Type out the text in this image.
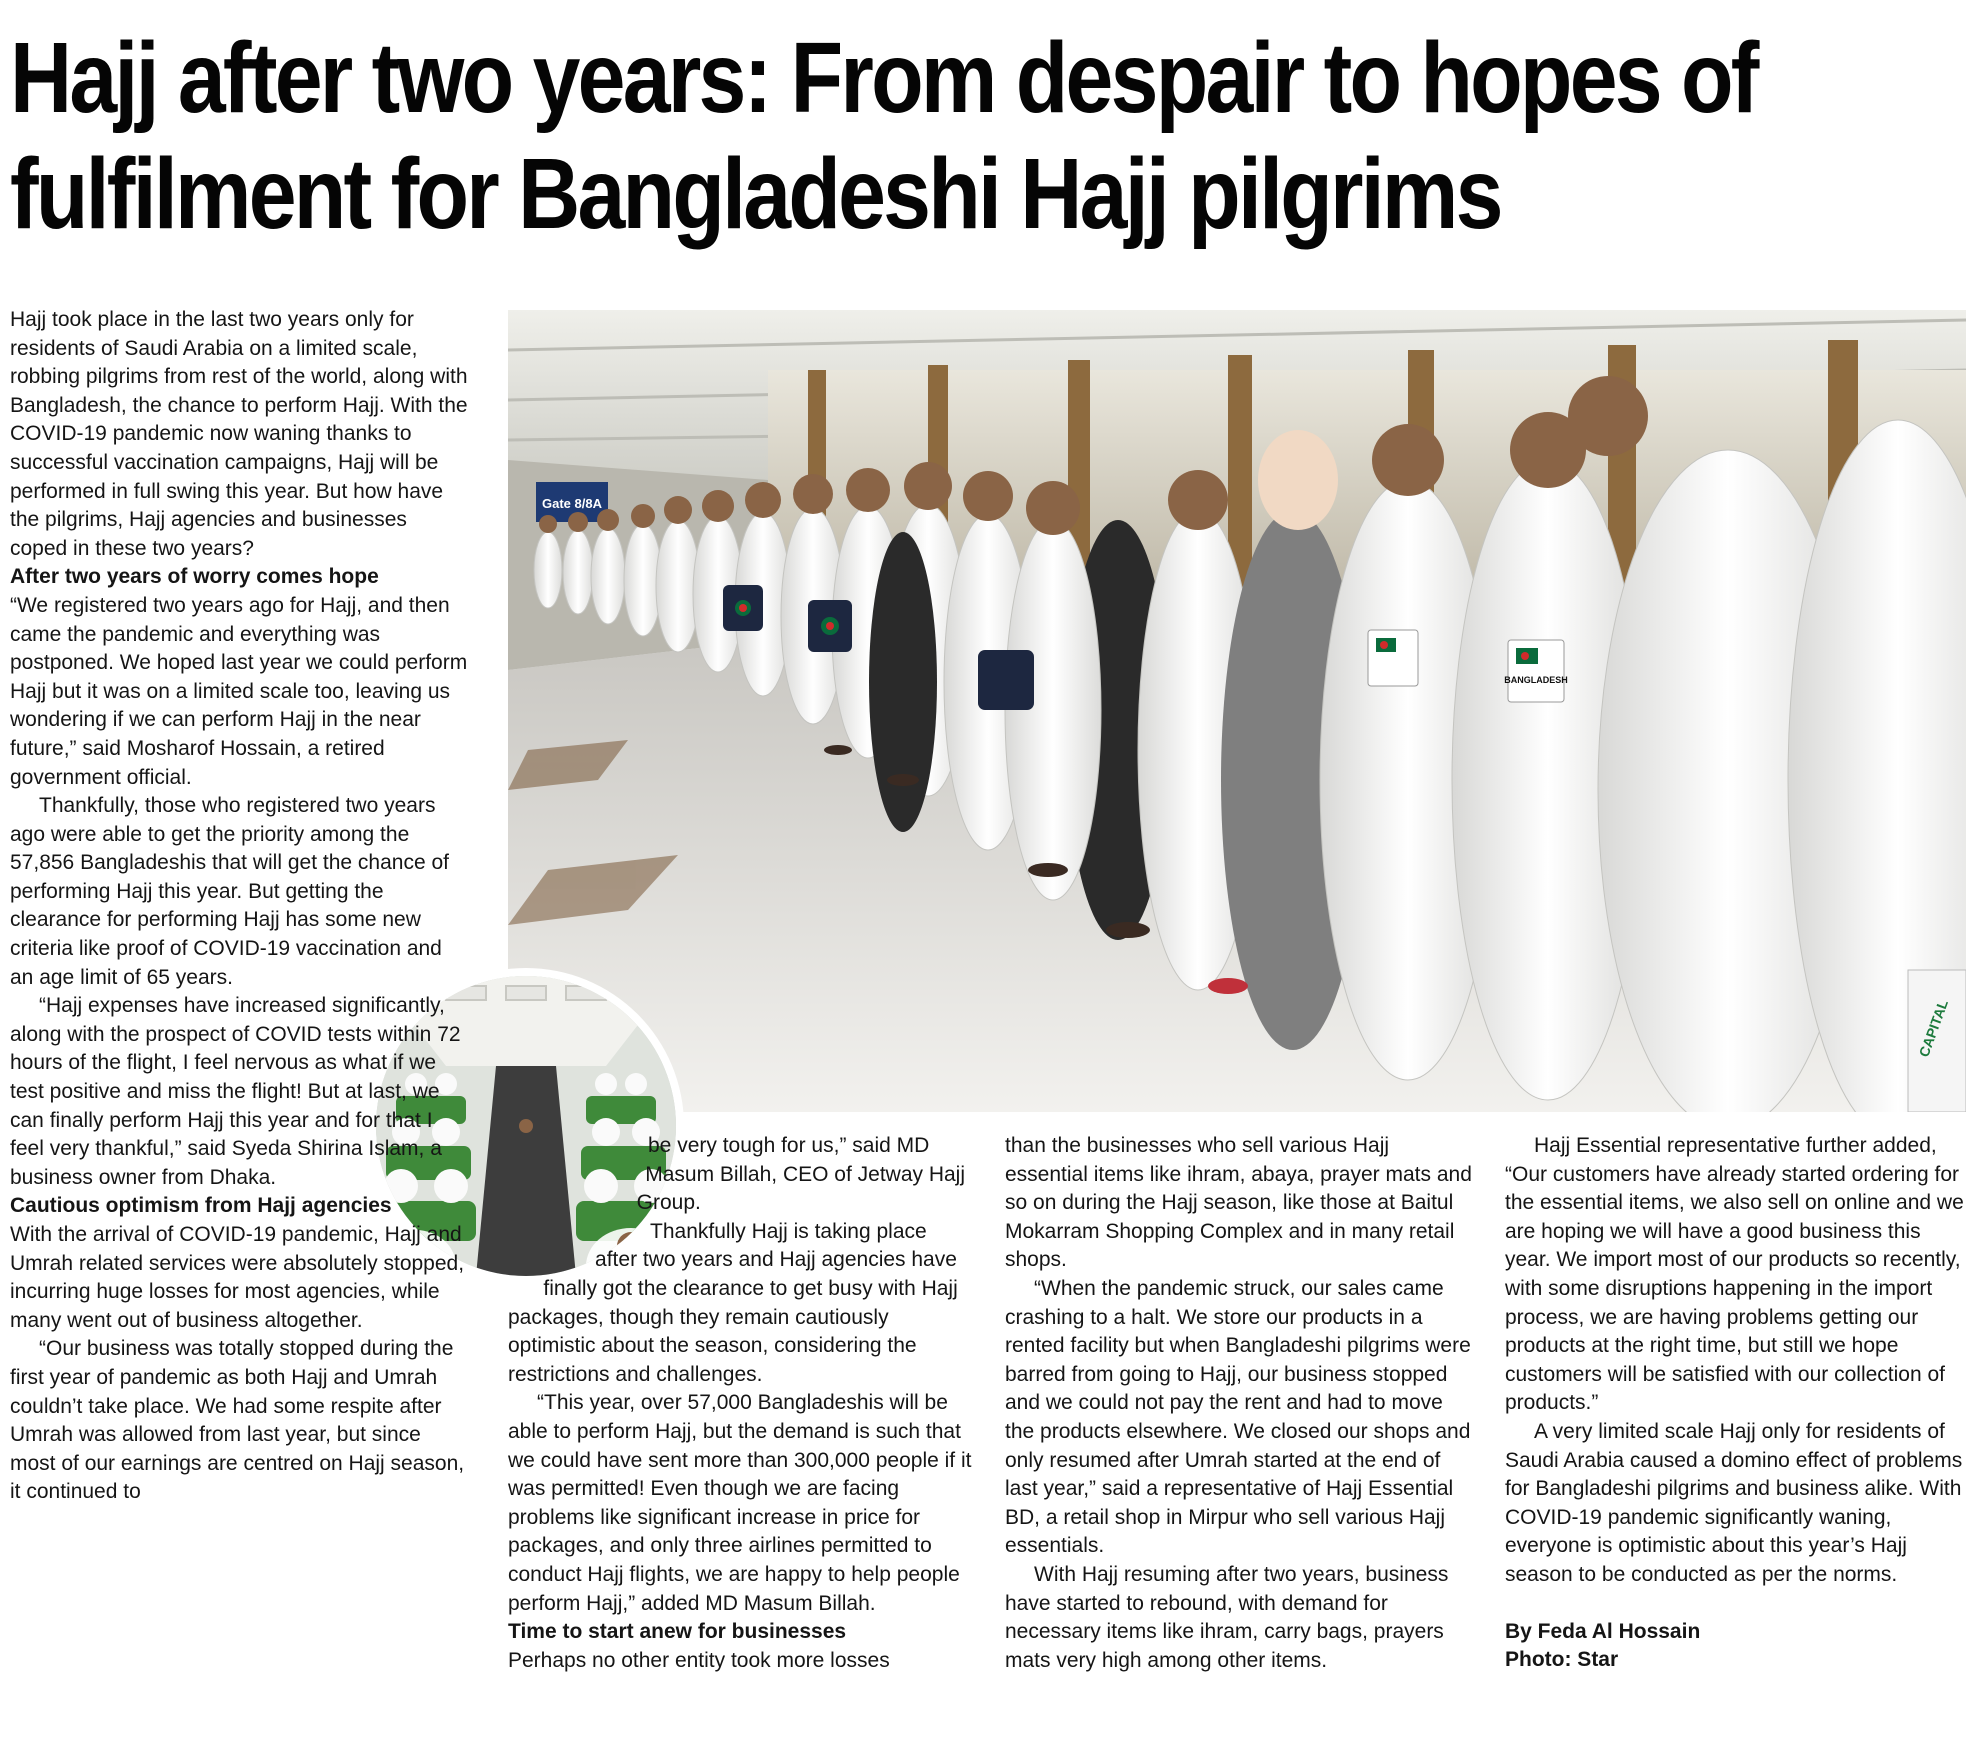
Hajj after two years: From despair to hopes of
fulfilment for Bangladeshi Hajj pilgrims
Gate 8/8A
BANGLADESH
CAPITAL

Hajj took place in the last two years only for residents of Saudi Arabia on a limited scale, robbing pilgrims from rest of the world, along with Bangladesh, the chance to perform Hajj. With the COVID-19 pandemic now waning thanks to successful vaccination campaigns, Hajj will be performed in full swing this year. But how have the pilgrims, Hajj agencies and businesses coped in these two years?

After two years of worry comes hope

“We registered two years ago for Hajj, and then came the pandemic and everything was postponed. We hoped last year we could perform Hajj but it was on a limited scale too, leaving us wondering if we can perform Hajj in the near future,” said Mosharof Hossain, a retired government official.

Thankfully, those who registered two years ago were able to get the priority among the 57,856 Bangladeshis that will get the chance of performing Hajj this year. But getting the clearance for performing Hajj has some new criteria like proof of COVID-19 vaccination and an age limit of 65 years.

“Hajj expenses have increased significantly, along with the prospect of COVID tests within 72 hours of the flight, I feel nervous as what if we test positive and miss the flight! But at last, we can finally perform Hajj this year and for that I feel very thankful,” said Syeda Shirina Islam, a business owner from Dhaka.

Cautious optimism from Hajj agencies

With the arrival of COVID-19 pandemic, Hajj and Umrah related services were absolutely stopped, incurring huge losses for most agencies, while many went out of business altogether.

“Our business was totally stopped during the first year of pandemic as both Hajj and Umrah couldn’t take place. We had some respite after Umrah was allowed from last year, but since most of our earnings are centred on Hajj season, it continued to

be very tough for us,” said MD Masum Billah, CEO of Jetway Hajj Group.

Thankfully Hajj is taking place after two years and Hajj agencies have finally got the clearance to get busy with Hajj packages, though they remain cautiously optimistic about the season, considering the restrictions and challenges.

“This year, over 57,000 Bangladeshis will be able to perform Hajj, but the demand is such that we could have sent more than 300,000 people if it was permitted! Even though we are facing problems like significant increase in price for packages, and only three airlines permitted to conduct Hajj flights, we are happy to help people perform Hajj,” added MD Masum Billah.

Time to start anew for businesses

Perhaps no other entity took more losses

than the businesses who sell various Hajj essential items like ihram, abaya, prayer mats and so on during the Hajj season, like those at Baitul Mokarram Shopping Complex and in many retail shops.

“When the pandemic struck, our sales came crashing to a halt. We store our products in a rented facility but when Bangladeshi pilgrims were barred from going to Hajj, our business stopped and we could not pay the rent and had to move the products elsewhere. We closed our shops and only resumed after Umrah started at the end of last year,” said a representative of Hajj Essential BD, a retail shop in Mirpur who sell various Hajj essentials.

With Hajj resuming after two years, business have started to rebound, with demand for necessary items like ihram, carry bags, prayers mats very high among other items.

Hajj Essential representative further added, “Our customers have already started ordering for the essential items, we also sell on online and we are hoping we will have a good business this year. We import most of our products so recently, with some disruptions happening in the import process, we are having problems getting our products at the right time, but still we hope customers will be satisfied with our collection of products.”

A very limited scale Hajj only for residents of Saudi Arabia caused a domino effect of problems for Bangladeshi pilgrims and business alike. With COVID-19 pandemic significantly waning, everyone is optimistic about this year’s Hajj season to be conducted as per the norms.

By Feda Al Hossain
Photo: Star
